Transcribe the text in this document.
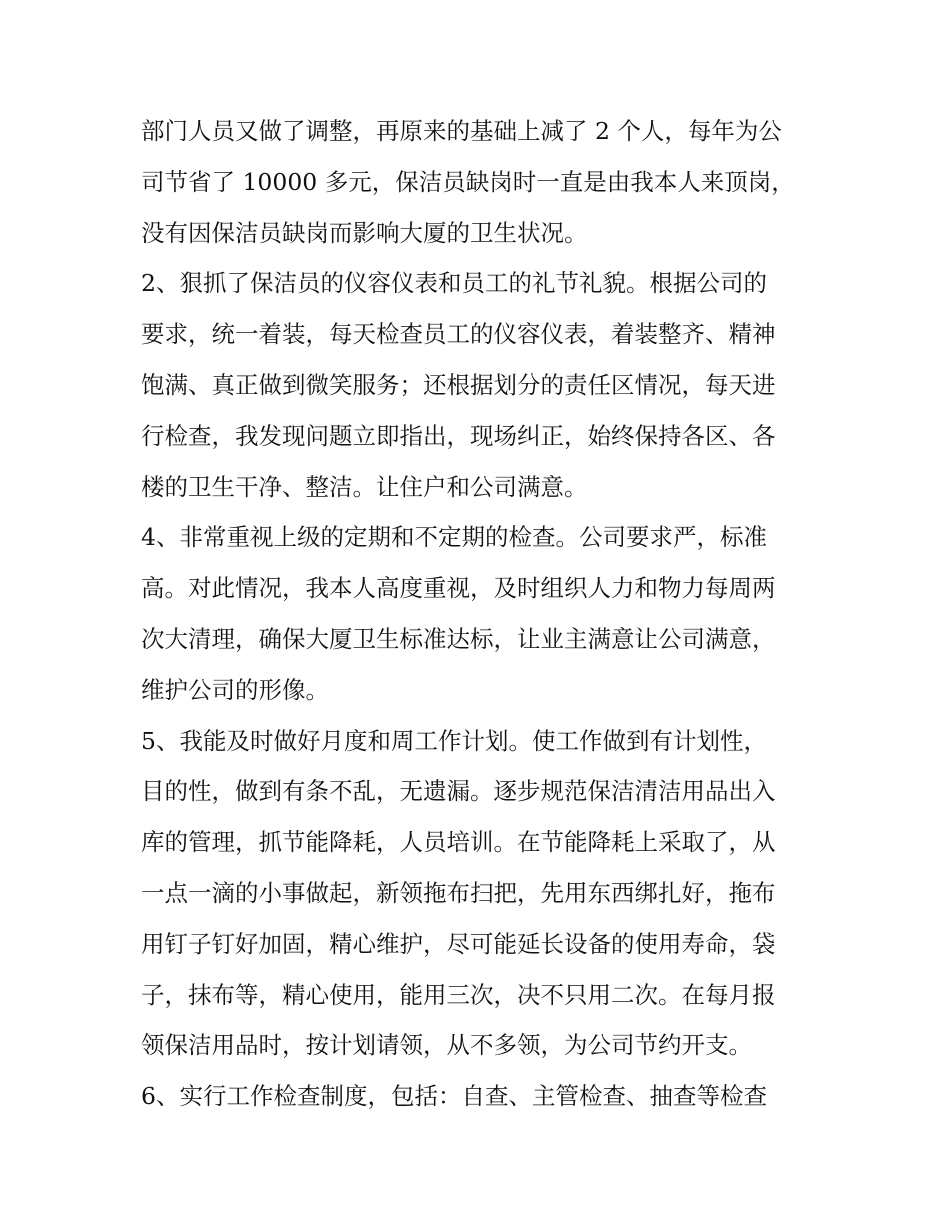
部门人员又做了调整，再原来的基础上减了 2 个人，每年为公
司节省了 10000 多元，保洁员缺岗时一直是由我本人来顶岗，
没有因保洁员缺岗而影响大厦的卫生状况。
2、狠抓了保洁员的仪容仪表和员工的礼节礼貌。根据公司的
要求，统一着装，每天检查员工的仪容仪表，着装整齐、精神
饱满、真正做到微笑服务；还根据划分的责任区情况，每天进
行检查，我发现问题立即指出，现场纠正，始终保持各区、各
楼的卫生干净、整洁。让住户和公司满意。
4、非常重视上级的定期和不定期的检查。公司要求严，标准
高。对此情况，我本人高度重视，及时组织人力和物力每周两
次大清理，确保大厦卫生标准达标，让业主满意让公司满意，
维护公司的形像。
5、我能及时做好月度和周工作计划。使工作做到有计划性，
目的性，做到有条不乱，无遗漏。逐步规范保洁清洁用品出入
库的管理，抓节能降耗，人员培训。在节能降耗上采取了，从
一点一滴的小事做起，新领拖布扫把，先用东西绑扎好，拖布
用钉子钉好加固，精心维护，尽可能延长设备的使用寿命，袋
子，抹布等，精心使用，能用三次，决不只用二次。在每月报
领保洁用品时，按计划请领，从不多领，为公司节约开支。
6、实行工作检查制度，包括：自查、主管检查、抽查等检查
